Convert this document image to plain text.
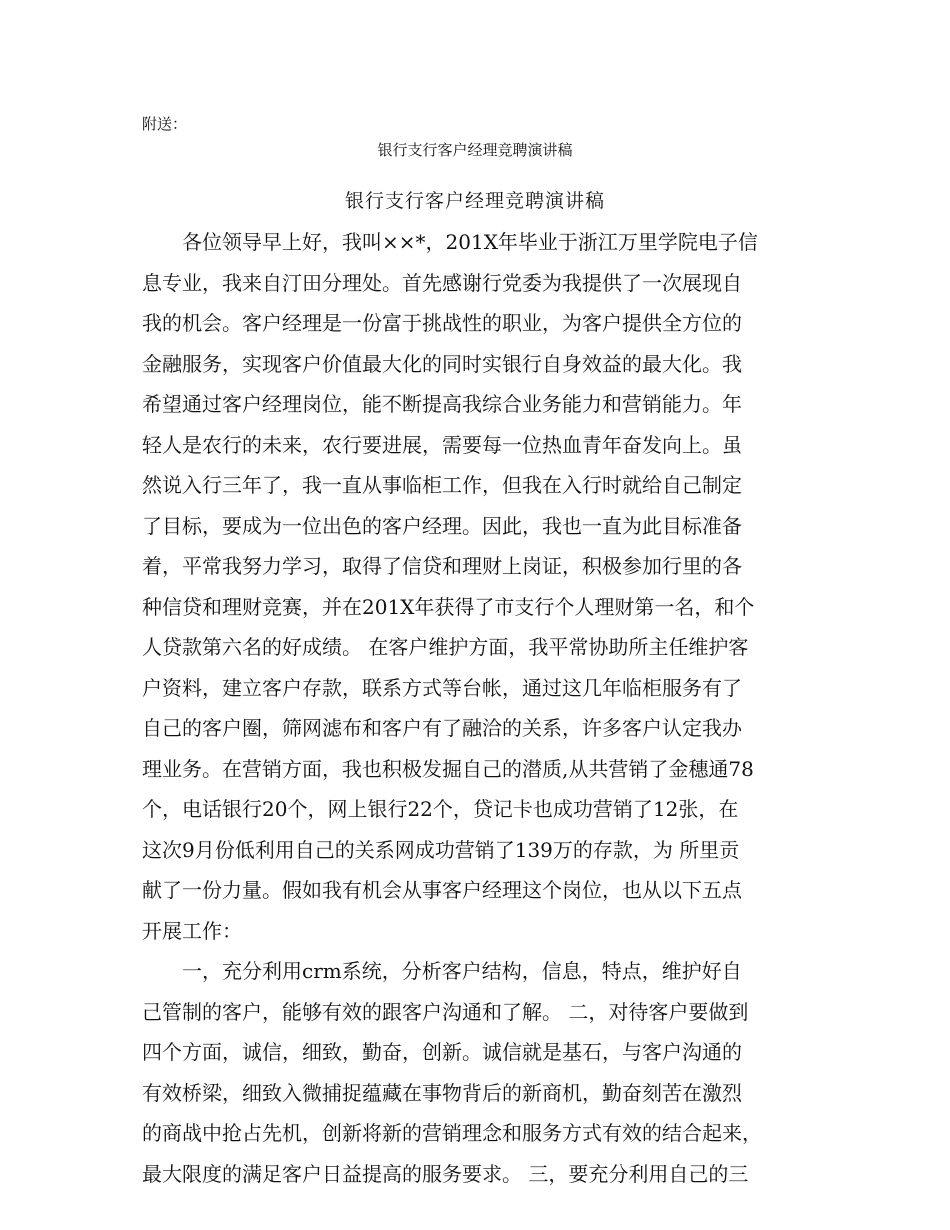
附送：
银行支行客户经理竞聘演讲稿
银行支行客户经理竞聘演讲稿
　　各位领导早上好，我叫××*，201X年毕业于浙江万里学院电子信
息专业，我来自汀田分理处。首先感谢行党委为我提供了一次展现自
我的机会。客户经理是一份富于挑战性的职业，为客户提供全方位的
金融服务，实现客户价值最大化的同时实银行自身效益的最大化。我
希望通过客户经理岗位，能不断提高我综合业务能力和营销能力。年
轻人是农行的未来，农行要进展，需要每一位热血青年奋发向上。虽
然说入行三年了，我一直从事临柜工作，但我在入行时就给自己制定
了目标，要成为一位出色的客户经理。因此，我也一直为此目标准备
着，平常我努力学习，取得了信贷和理财上岗证，积极参加行里的各
种信贷和理财竞赛，并在201X年获得了市支行个人理财第一名，和个
人贷款第六名的好成绩。 在客户维护方面，我平常协助所主任维护客
户资料，建立客户存款，联系方式等台帐，通过这几年临柜服务有了
自己的客户圈，筛网滤布和客户有了融洽的关系，许多客户认定我办
理业务。在营销方面，我也积极发掘自己的潜质,从共营销了金穗通78
个，电话银行20个，网上银行22个，贷记卡也成功营销了12张，在
这次9月份低利用自己的关系网成功营销了139万的存款，为 所里贡
献了一份力量。假如我有机会从事客户经理这个岗位，也从以下五点
开展工作：
　　一，充分利用crm系统，分析客户结构，信息，特点，维护好自
己管制的客户，能够有效的跟客户沟通和了解。 二，对待客户要做到
四个方面，诚信，细致，勤奋，创新。诚信就是基石，与客户沟通的
有效桥梁，细致入微捕捉蕴藏在事物背后的新商机，勤奋刻苦在激烈
的商战中抢占先机，创新将新的营销理念和服务方式有效的结合起来，
最大限度的满足客户日益提高的服务要求。 三，要充分利用自己的三
